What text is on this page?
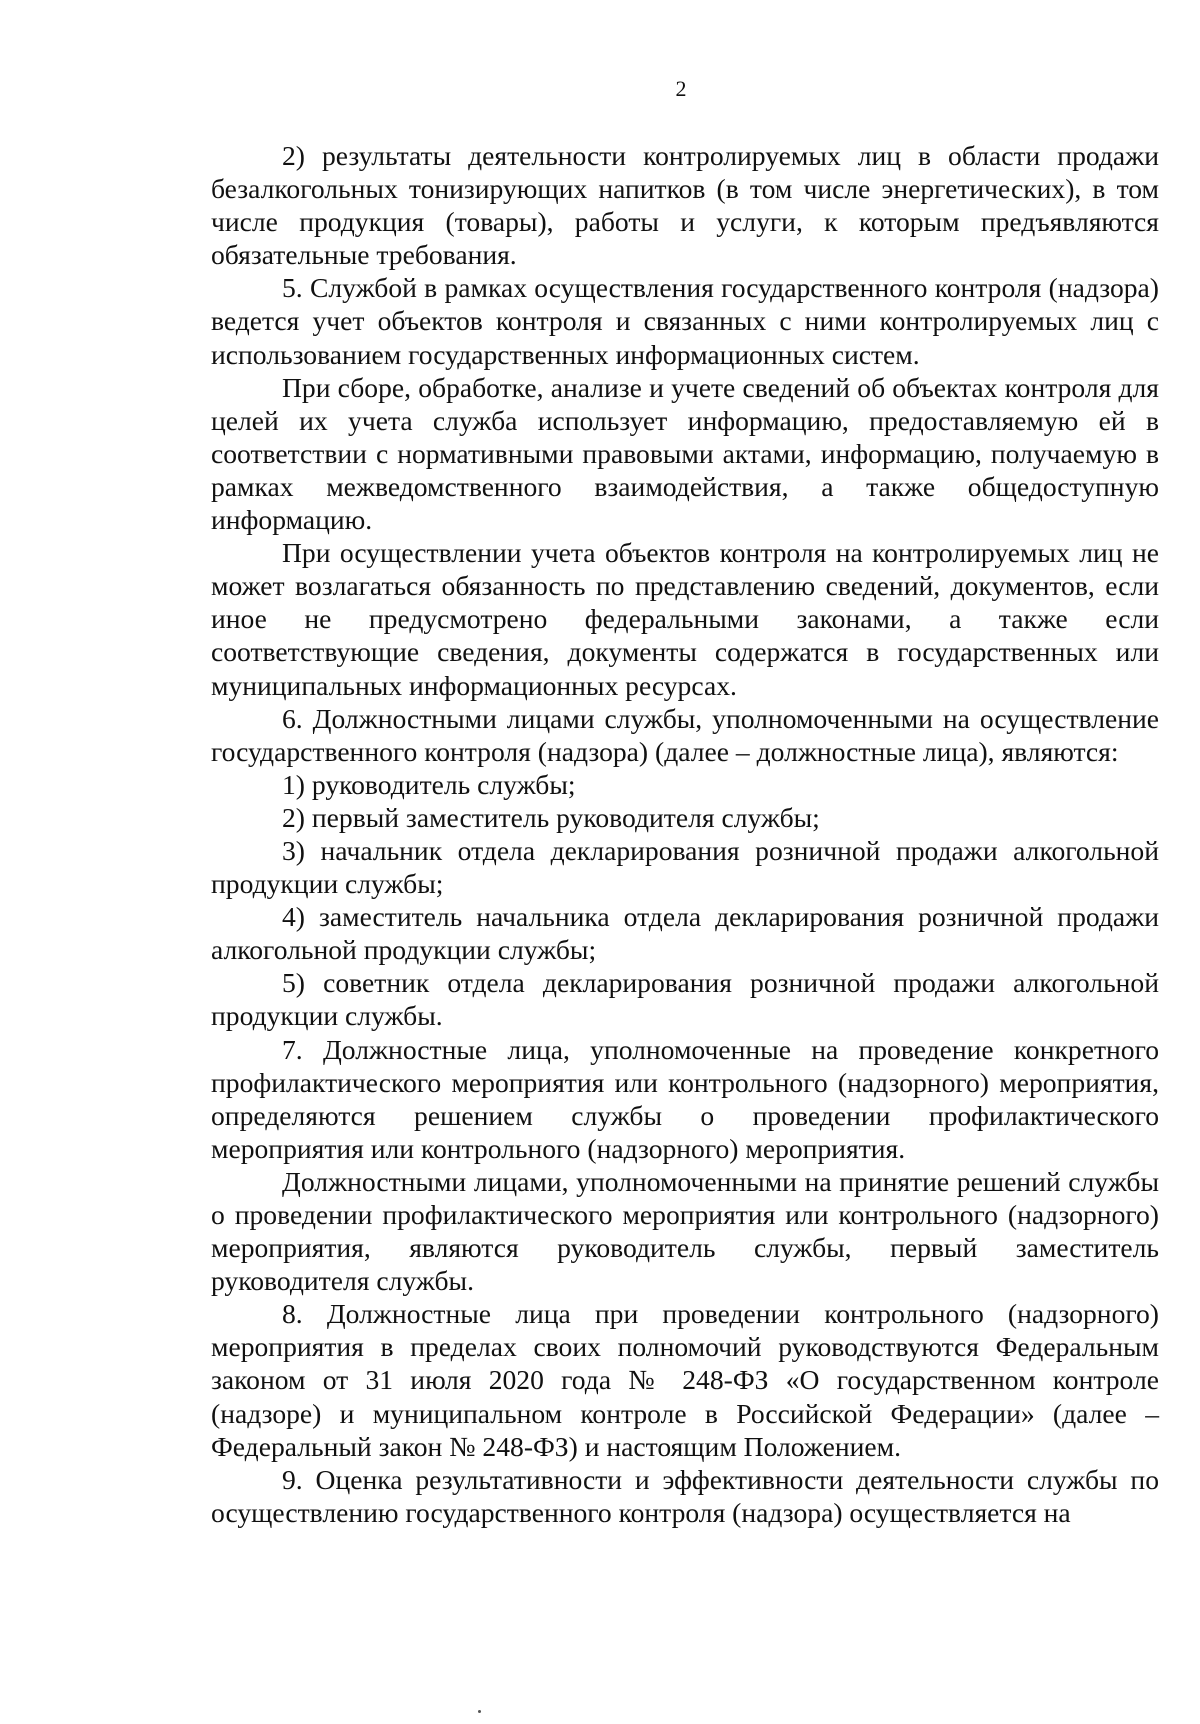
2

2) результаты деятельности контролируемых лиц в области продажи безалкогольных тонизирующих напитков (в том числе энергетических), в том числе продукция (товары), работы и услуги, к которым предъявляются обязательные требования.

5. Службой в рамках осуществления государственного контроля (надзора) ведется учет объектов контроля и связанных с ними контролируемых лиц с использованием государственных информационных систем.

При сборе, обработке, анализе и учете сведений об объектах контроля для целей их учета служба использует информацию, предоставляемую ей в соответствии с нормативными правовыми актами, информацию, получаемую в рамках межведомственного взаимодействия, а также общедоступную информацию.

При осуществлении учета объектов контроля на контролируемых лиц не может возлагаться обязанность по представлению сведений, документов, если иное не предусмотрено федеральными законами, а также если соответствующие сведения, документы содержатся в государственных или муниципальных информационных ресурсах.

6. Должностными лицами службы, уполномоченными на осуществление государственного контроля (надзора) (далее – должностные лица), являются:

1) руководитель службы;

2) первый заместитель руководителя службы;

3) начальник отдела декларирования розничной продажи алкогольной продукции службы;

4) заместитель начальника отдела декларирования розничной продажи алкогольной продукции службы;

5) советник отдела декларирования розничной продажи алкогольной продукции службы.

7. Должностные лица, уполномоченные на проведение конкретного профилактического мероприятия или контрольного (надзорного) мероприятия, определяются решением службы о проведении профилактического мероприятия или контрольного (надзорного) мероприятия.

Должностными лицами, уполномоченными на принятие решений службы о проведении профилактического мероприятия или контрольного (надзорного) мероприятия, являются руководитель службы, первый заместитель руководителя службы.

8. Должностные лица при проведении контрольного (надзорного) мероприятия в пределах своих полномочий руководствуются Федеральным законом от 31 июля 2020 года № 248-ФЗ «О государственном контроле (надзоре) и муниципальном контроле в Российской Федерации» (далее – Федеральный закон № 248-ФЗ) и настоящим Положением.

9. Оценка результативности и эффективности деятельности службы по осуществлению государственного контроля (надзора) осуществляется на
